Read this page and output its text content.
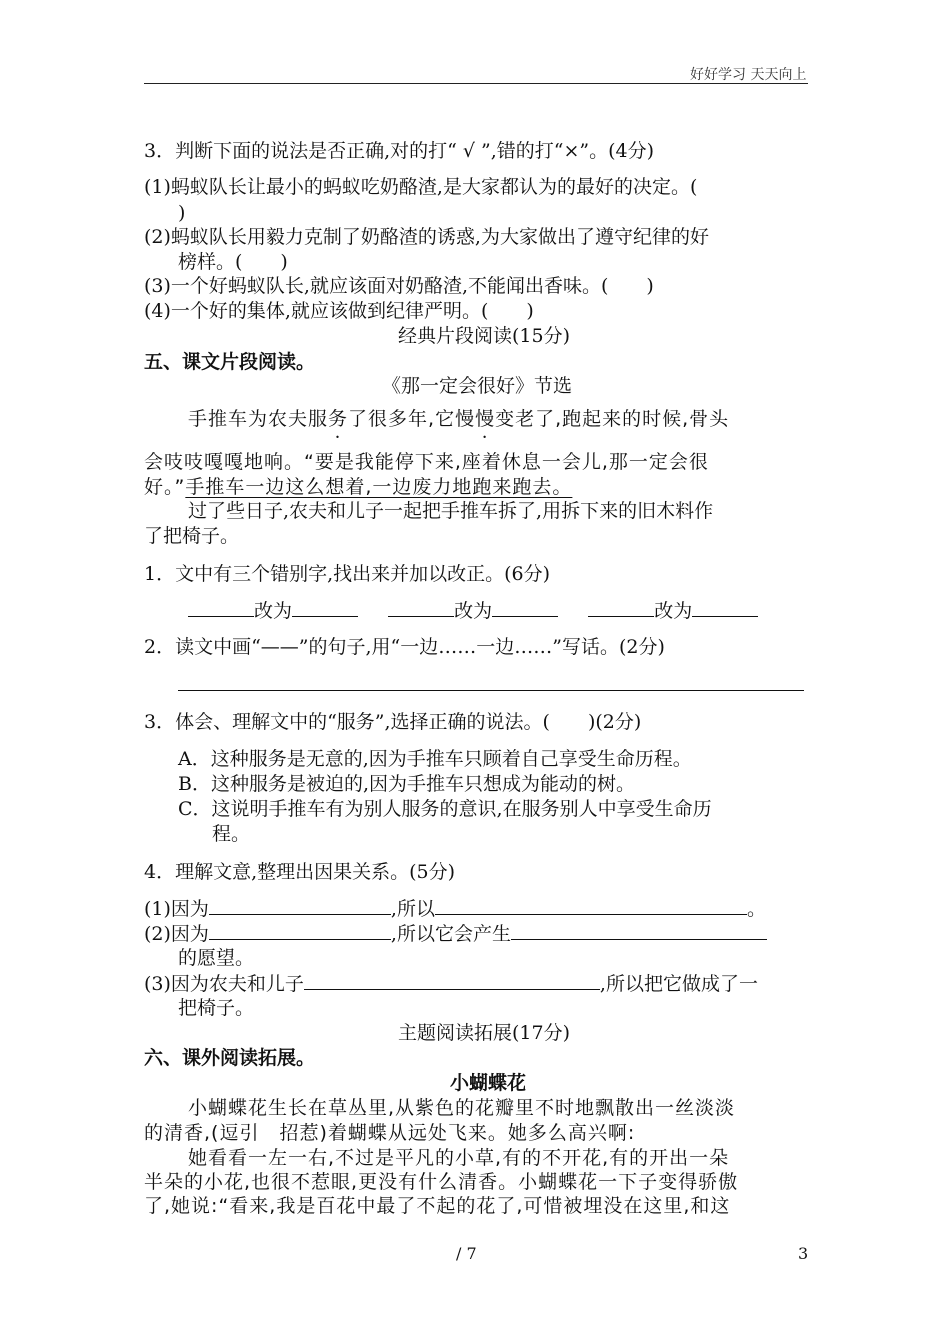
好好学习 天天向上
3．判断下面的说法是否正确,对的打“ √ ”,错的打“×”。(4分)
(1)蚂蚁队长让最小的蚂蚁吃奶酪渣,是大家都认为的最好的决定。(
)
(2)蚂蚁队长用毅力克制了奶酪渣的诱惑,为大家做出了遵守纪律的好
榜样。(　　)
(3)一个好蚂蚁队长,就应该面对奶酪渣,不能闻出香味。(　　)
(4)一个好的集体,就应该做到纪律严明。(　　)
经典片段阅读(15分)
五、课文片段阅读。
《那一定会很好》节选
手推车为农夫服务了很多年,它慢慢变老了,跑起来的时候,骨头
会吱吱嘎嘎地响。“要是我能停下来,座着休息一会儿,那一定会很
好。”手推车一边这么想着,一边废力地跑来跑去。
过了些日子,农夫和儿子一起把手推车拆了,用拆下来的旧木料作
了把椅子。
1．文中有三个错别字,找出来并加以改正。(6分)
改为	改为	改为
2．读文中画“——”的句子,用“一边……一边……”写话。(2分)
3．体会、理解文中的“服务”,选择正确的说法。(　　)(2分)
A．这种服务是无意的,因为手推车只顾着自己享受生命历程。
B．这种服务是被迫的,因为手推车只想成为能动的树。
C．这说明手推车有为别人服务的意识,在服务别人中享受生命历
程。
4．理解文意,整理出因果关系。(5分)
(1)因为	,所以	。
(2)因为	,所以它会产生
的愿望。
(3)因为农夫和儿子	,所以把它做成了一
把椅子。
主题阅读拓展(17分)
六、课外阅读拓展。
小蝴蝶花
小蝴蝶花生长在草丛里,从紫色的花瓣里不时地飘散出一丝淡淡
的清香,(逗引　招惹)着蝴蝶从远处飞来。她多么高兴啊:
她看看一左一右,不过是平凡的小草,有的不开花,有的开出一朵
半朵的小花,也很不惹眼,更没有什么清香。小蝴蝶花一下子变得骄傲
了,她说:“看来,我是百花中最了不起的花了,可惜被埋没在这里,和这
/ 7	3
